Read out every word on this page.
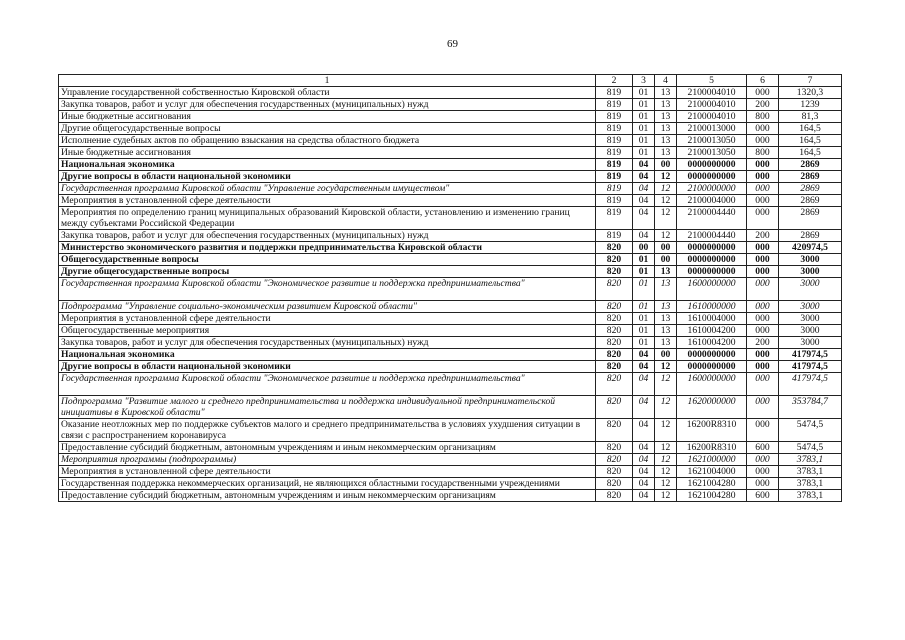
69
1	2	3	4	5	6	7
Управление государственной собственностью Кировской области	819	01	13	2100004010	000	1320,3
Закупка товаров, работ и услуг для обеспечения государственных (муниципальных) нужд	819	01	13	2100004010	200	1239
Иные бюджетные ассигнования	819	01	13	2100004010	800	81,3
Другие общегосударственные вопросы	819	01	13	2100013000	000	164,5
Исполнение судебных актов по обращению взыскания на средства областного бюджета	819	01	13	2100013050	000	164,5
Иные бюджетные ассигнования	819	01	13	2100013050	800	164,5
Национальная экономика	819	04	00	0000000000	000	2869
Другие вопросы в области национальной экономики	819	04	12	0000000000	000	2869
Государственная программа Кировской области "Управление государственным имуществом"	819	04	12	2100000000	000	2869
Мероприятия в установленной сфере деятельности	819	04	12	2100004000	000	2869
Мероприятия по определению границ муниципальных образований Кировской области, установлению и изменению границ между субъектами Российской Федерации	819	04	12	2100004440	000	2869
Закупка товаров, работ и услуг для обеспечения государственных (муниципальных) нужд	819	04	12	2100004440	200	2869
Министерство экономического развития и поддержки предпринимательства Кировской области	820	00	00	0000000000	000	420974,5
Общегосударственные вопросы	820	01	00	0000000000	000	3000
Другие общегосударственные вопросы	820	01	13	0000000000	000	3000
Государственная программа Кировской области "Экономическое развитие и поддержка предпринимательства"	820	01	13	1600000000	000	3000
Подпрограмма "Управление социально-экономическим развитием Кировской области"	820	01	13	1610000000	000	3000
Мероприятия в установленной сфере деятельности	820	01	13	1610004000	000	3000
Общегосударственные мероприятия	820	01	13	1610004200	000	3000
Закупка товаров, работ и услуг для обеспечения государственных (муниципальных) нужд	820	01	13	1610004200	200	3000
Национальная экономика	820	04	00	0000000000	000	417974,5
Другие вопросы в области национальной экономики	820	04	12	0000000000	000	417974,5
Государственная программа Кировской области "Экономическое развитие и поддержка предпринимательства"	820	04	12	1600000000	000	417974,5
Подпрограмма "Развитие малого и среднего предпринимательства и поддержка индивидуальной предпринимательской инициативы в Кировской области"	820	04	12	1620000000	000	353784,7
Оказание неотложных мер по поддержке субъектов малого и среднего предпринимательства в условиях ухудшения ситуации в связи с распространением коронавируса	820	04	12	16200R8310	000	5474,5
Предоставление субсидий бюджетным, автономным учреждениям и иным некоммерческим организациям	820	04	12	16200R8310	600	5474,5
Мероприятия программы (подпрограммы)	820	04	12	1621000000	000	3783,1
Мероприятия в установленной сфере деятельности	820	04	12	1621004000	000	3783,1
Государственная поддержка некоммерческих организаций, не являющихся областными государственными учреждениями	820	04	12	1621004280	000	3783,1
Предоставление субсидий бюджетным, автономным учреждениям и иным некоммерческим организациям	820	04	12	1621004280	600	3783,1
